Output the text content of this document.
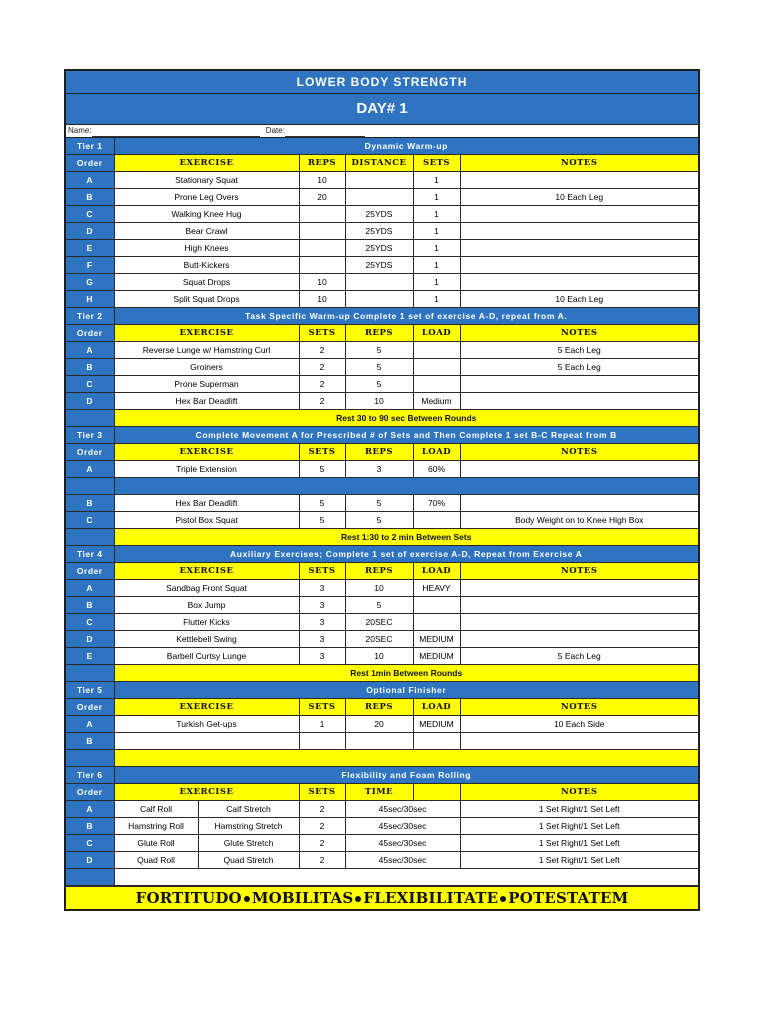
LOWER BODY STRENGTH
DAY# 1
Name:	Date:
Tier 1	Dynamic Warm-up					
Order	EXERCISE		REPS	DISTANCE	SETS	NOTES
A	Stationary Squat		10		1	
B	Prone Leg Overs		20		1	10 Each Leg
C	Walking Knee Hug			25YDS	1	
D	Bear Crawl			25YDS	1	
E	High Knees			25YDS	1	
F	Butt-Kickers			25YDS	1	
G	Squat Drops		10		1	
H	Split Squat Drops		10		1	10 Each Leg
Tier 2	Task Specific Warm-up Complete 1 set of exercise A-D, repeat from A.					
Order	EXERCISE		SETS	REPS	LOAD	NOTES
A	Reverse Lunge w/ Hamstring Curl		2	5		5 Each Leg
B	Groiners		2	5		5 Each Leg
C	Prone Superman		2	5		
D	Hex Bar Deadlift		2	10	Medium	
	Rest 30 to 90 sec Between Rounds					
Tier 3	Complete Movement A for Prescribed # of Sets and Then Complete 1 set B-C Repeat from B					
Order	EXERCISE		SETS	REPS	LOAD	NOTES
A	Triple Extension		5	3	60%	

B	Hex Bar Deadlift		5	5	70%	
C	Pistol Box Squat		5	5		Body Weight on to Knee High Box
	Rest 1:30 to 2 min Between Sets					
Tier 4	Auxiliary Exercises; Complete 1 set of exercise A-D, Repeat from Exercise A					
Order	EXERCISE		SETS	REPS	LOAD	NOTES
A	Sandbag Front Squat		3	10	HEAVY	
B	Box Jump		3	5		
C	Flutter Kicks		3	20SEC		
D	Kettlebell Swing		3	20SEC	MEDIUM	
E	Barbell Curtsy Lunge		3	10	MEDIUM	5 Each Leg
	Rest 1min Between Rounds					
Tier 5	Optional Finisher					
Order	EXERCISE		SETS	REPS	LOAD	NOTES
A	Turkish Get-ups		1	20	MEDIUM	10 Each Side
B						

Tier 6	Flexibility and Foam Rolling					
Order	EXERCISE		SETS	TIME		NOTES
A	Calf Roll	Calf Stretch	2	45sec/30sec		1 Set Right/1 Set Left
B	Hamstring Roll	Hamstring Stretch	2	45sec/30sec		1 Set Right/1 Set Left
C	Glute Roll	Glute Stretch	2	45sec/30sec		1 Set Right/1 Set Left
D	Quad Roll	Quad Stretch	2	45sec/30sec		1 Set Right/1 Set Left

FORTITUDO MOBILITAS FLEXIBILITATE POTESTATEM
